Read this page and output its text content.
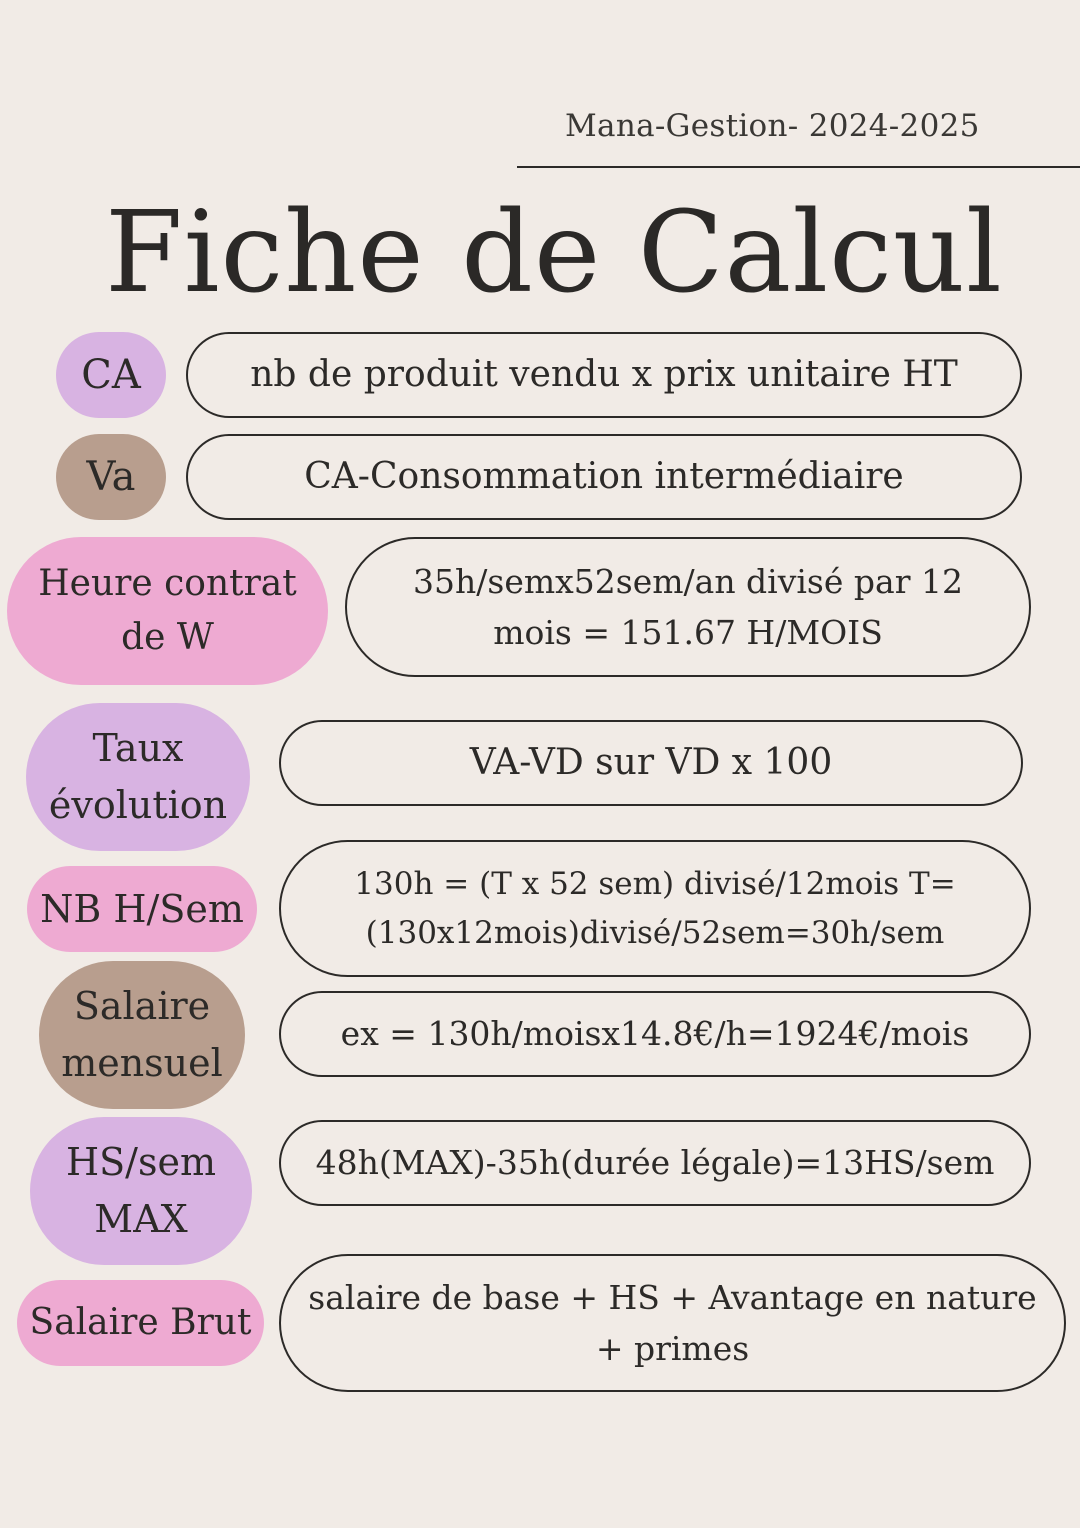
Mana-Gestion- 2024-2025
Fiche de Calcul
CA	nb de produit vendu x prix unitaire HT
Va	CA-Consommation intermédiaire
Heure contrat de W
35h/semx52sem/an divisé par 12 mois = 151.67 H/MOIS
Taux évolution
VA-VD sur VD x 100
NB H/Sem
130h = (T x 52 sem) divisé/12mois T=(130x12mois)divisé/52sem=30h/sem
Salaire mensuel
ex = 130h/moisx14.8€/h=1924€/mois
HS/sem MAX
48h(MAX)-35h(durée légale)=13HS/sem
Salaire Brut
salaire de base + HS + Avantage en nature + primes
